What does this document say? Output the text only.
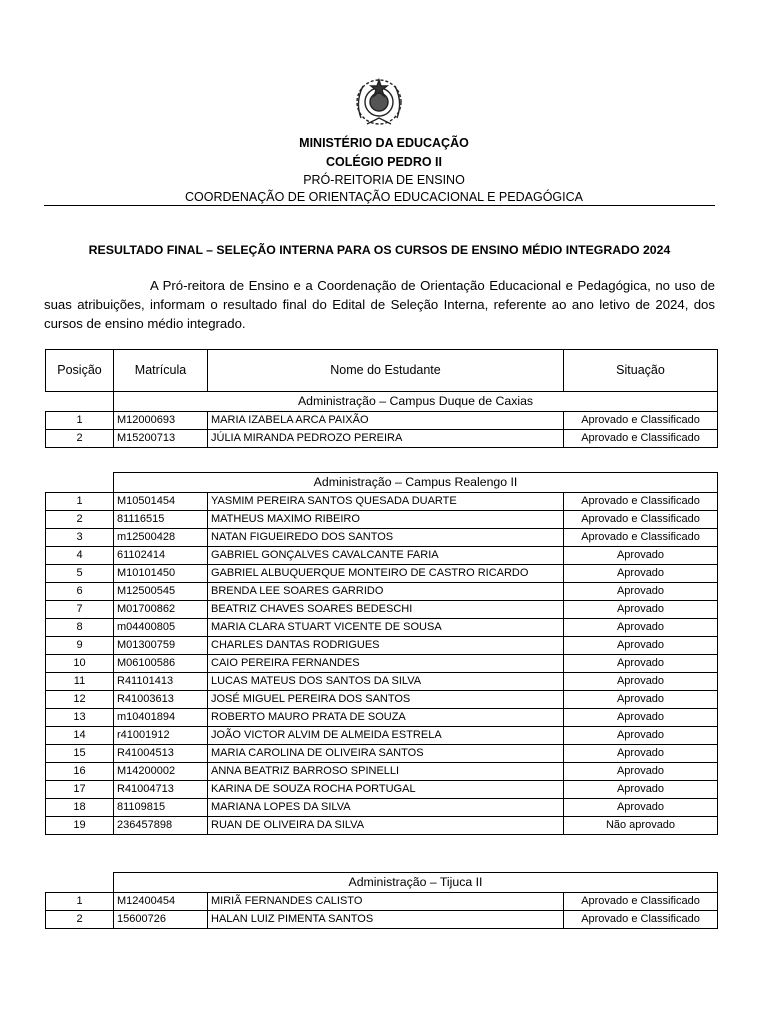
MINISTÉRIO DA EDUCAÇÃO
COLÉGIO PEDRO II
PRÓ-REITORIA DE ENSINO
COORDENAÇÃO DE ORIENTAÇÃO EDUCACIONAL E PEDAGÓGICA
RESULTADO FINAL – SELEÇÃO INTERNA PARA OS CURSOS DE ENSINO MÉDIO INTEGRADO 2024

A Pró-reitora de Ensino e a Coordenação de Orientação Educacional e Pedagógica, no uso de suas atribuições, informam o resultado final do Edital de Seleção Interna, referente ao ano letivo de 2024, dos cursos de ensino médio integrado.

Posição	Matrícula	Nome do Estudante	Situação
	Administração – Campus Duque de Caxias		
1	M12000693	MARIA IZABELA ARCA PAIXÃO	Aprovado e Classificado
2	M15200713	JÚLIA MIRANDA PEDROZO PEREIRA	Aprovado e Classificado
	Administração – Campus Realengo II		
1	M10501454	YASMIM PEREIRA SANTOS QUESADA DUARTE	Aprovado e Classificado
2	81116515	MATHEUS MAXIMO RIBEIRO	Aprovado e Classificado
3	m12500428	NATAN FIGUEIREDO DOS SANTOS	Aprovado e Classificado
4	61102414	GABRIEL GONÇALVES CAVALCANTE FARIA	Aprovado
5	M10101450	GABRIEL ALBUQUERQUE MONTEIRO DE CASTRO RICARDO	Aprovado
6	M12500545	BRENDA LEE SOARES GARRIDO	Aprovado
7	M01700862	BEATRIZ CHAVES SOARES BEDESCHI	Aprovado
8	m04400805	MARIA CLARA STUART VICENTE DE SOUSA	Aprovado
9	M01300759	CHARLES DANTAS RODRIGUES	Aprovado
10	M06100586	CAIO PEREIRA FERNANDES	Aprovado
11	R41101413	LUCAS MATEUS DOS SANTOS DA SILVA	Aprovado
12	R41003613	JOSÉ MIGUEL PEREIRA DOS SANTOS	Aprovado
13	m10401894	ROBERTO MAURO PRATA DE SOUZA	Aprovado
14	r41001912	JOÃO VICTOR ALVIM DE ALMEIDA ESTRELA	Aprovado
15	R41004513	MARIA CAROLINA DE OLIVEIRA SANTOS	Aprovado
16	M14200002	ANNA BEATRIZ BARROSO SPINELLI	Aprovado
17	R41004713	KARINA DE SOUZA ROCHA PORTUGAL	Aprovado
18	81109815	MARIANA LOPES DA SILVA	Aprovado
19	236457898	RUAN DE OLIVEIRA DA SILVA	Não aprovado
	Administração – Tijuca II		
1	M12400454	MIRIÃ FERNANDES CALISTO	Aprovado e Classificado
2	15600726	HALAN LUIZ PIMENTA SANTOS	Aprovado e Classificado
